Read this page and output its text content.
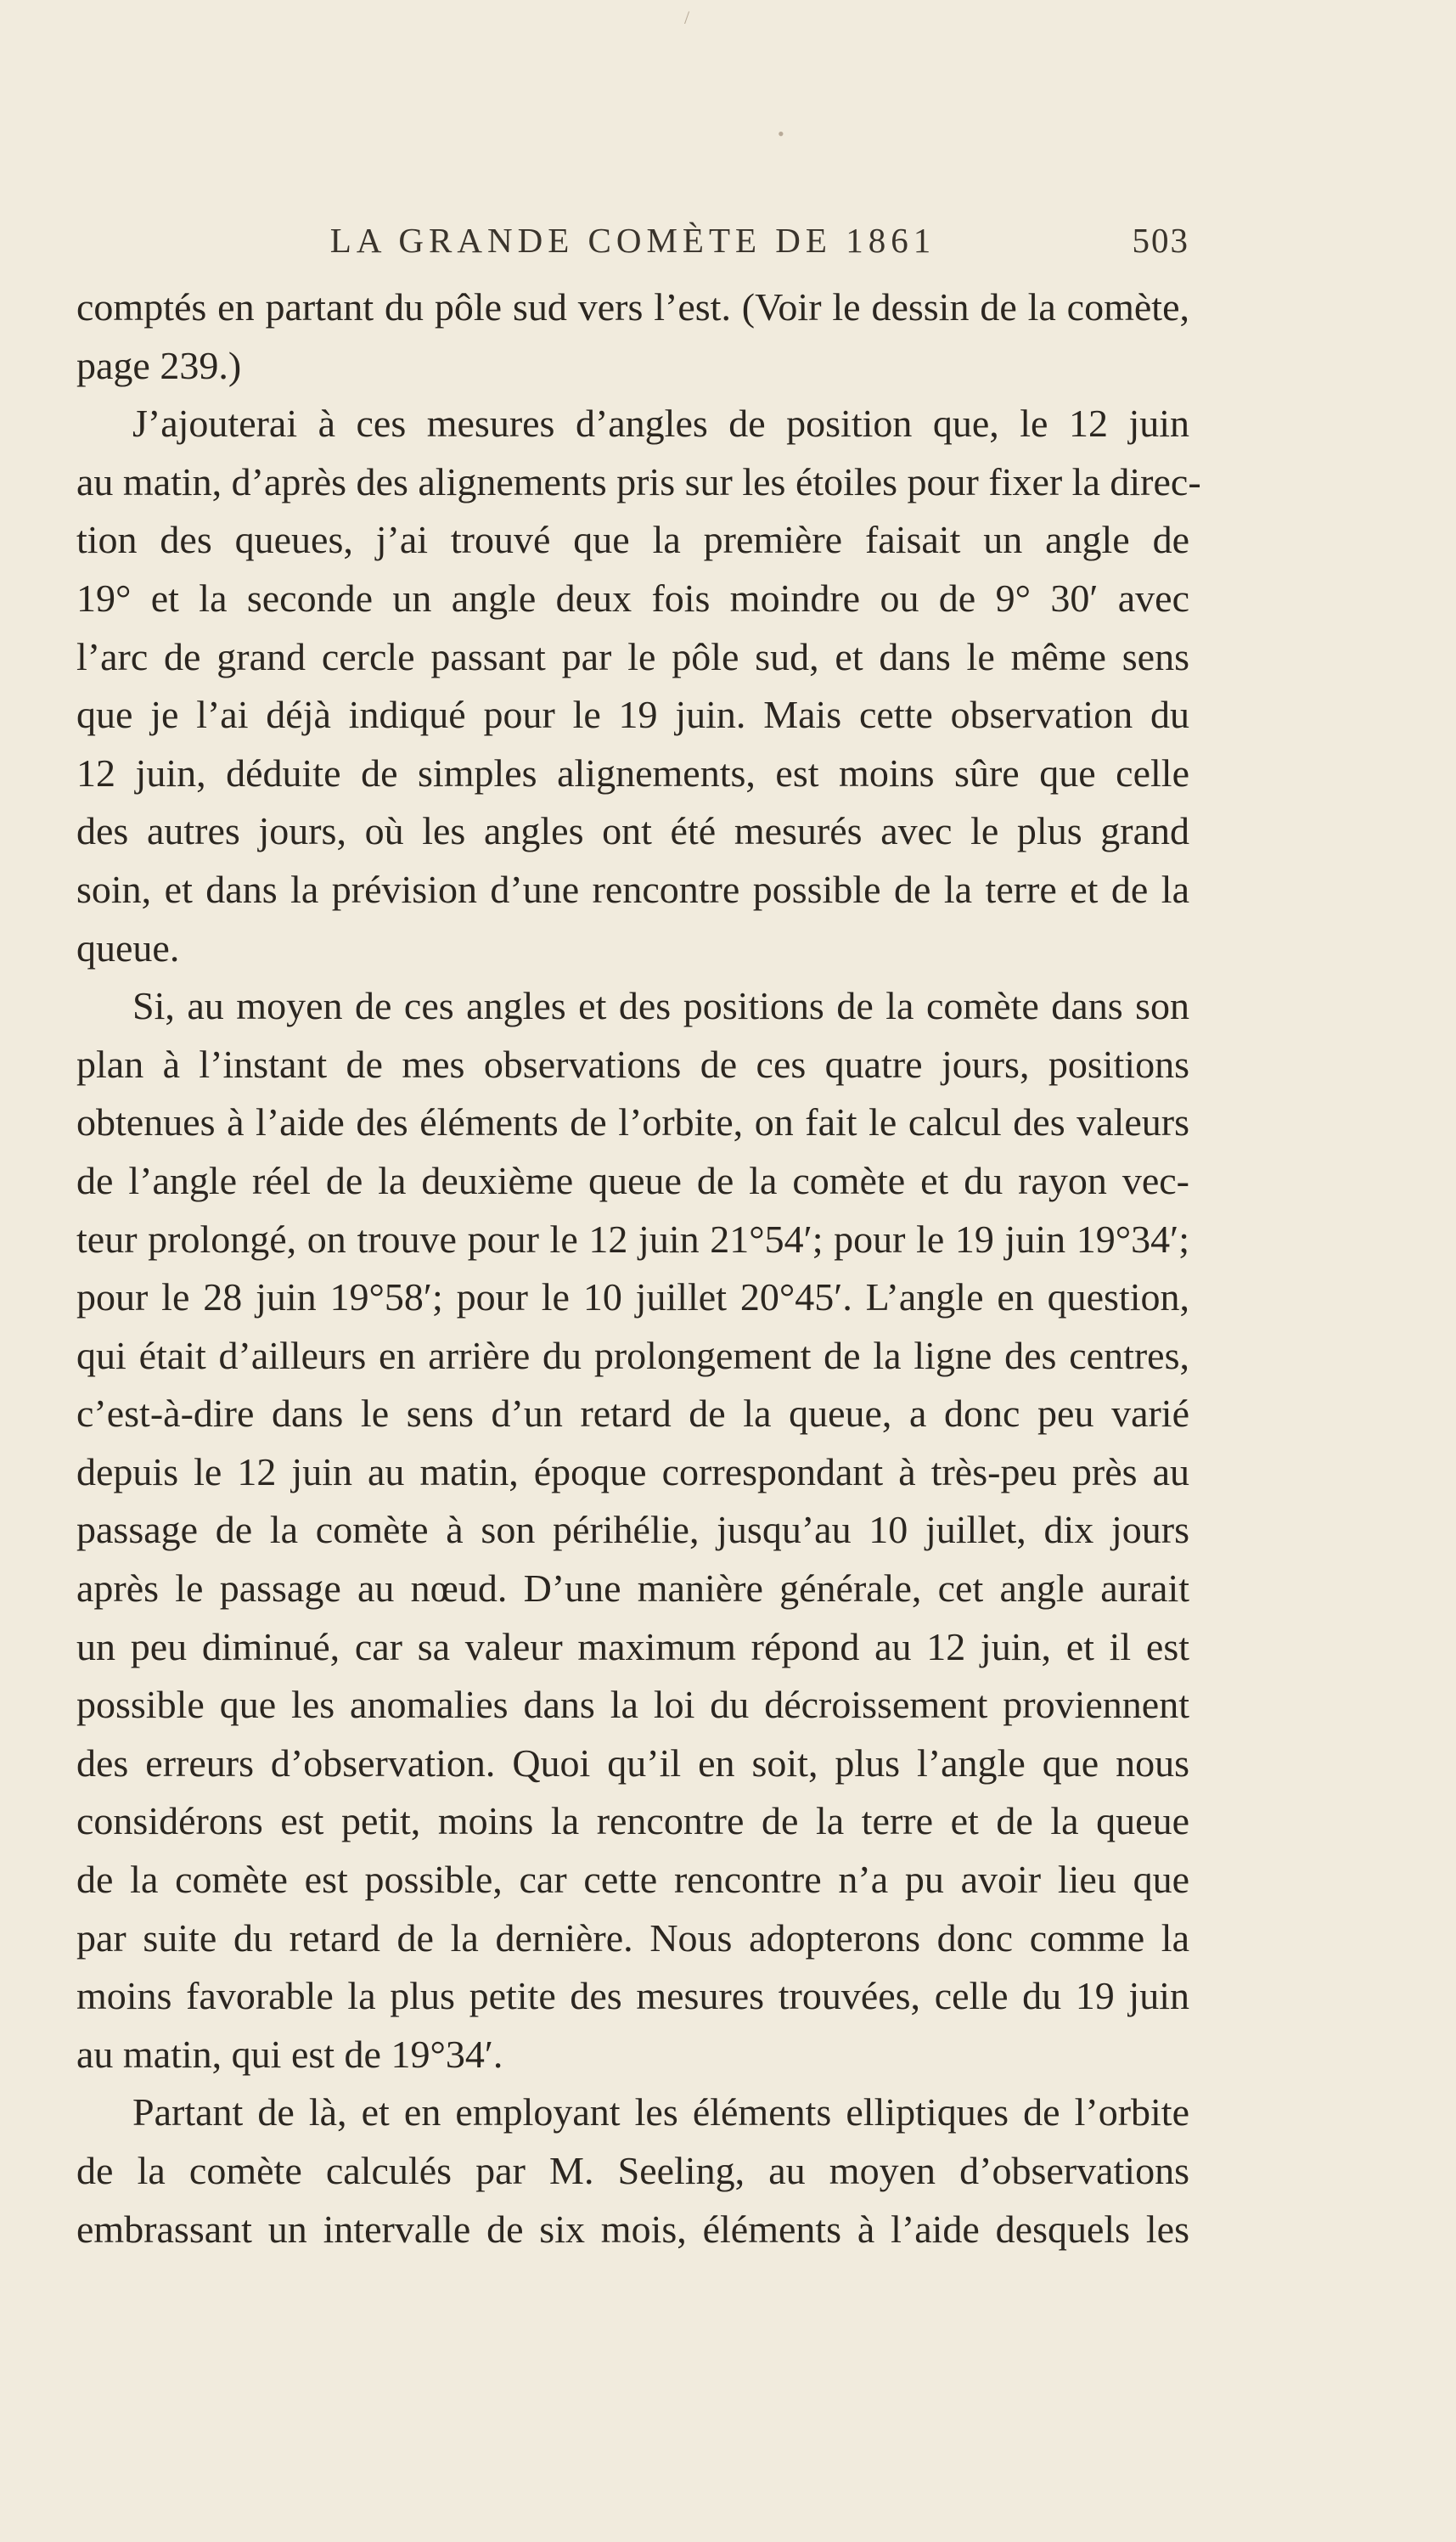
/
•
LA GRANDE COMÈTE DE 1861	503
comptés en partant du pôle sud vers l’est. (Voir le dessin de la comète,
page 239.)
J’ajouterai à ces mesures d’angles de position que, le 12 juin
au matin, d’après des alignements pris sur les étoiles pour fixer la direc-
tion des queues, j’ai trouvé que la première faisait un angle de
19° et la seconde un angle deux fois moindre ou de 9° 30′ avec
l’arc de grand cercle passant par le pôle sud, et dans le même sens
que je l’ai déjà indiqué pour le 19 juin. Mais cette observation du
12 juin, déduite de simples alignements, est moins sûre que celle
des autres jours, où les angles ont été mesurés avec le plus grand
soin, et dans la prévision d’une rencontre possible de la terre et de la
queue.
Si, au moyen de ces angles et des positions de la comète dans son
plan à l’instant de mes observations de ces quatre jours, positions
obtenues à l’aide des éléments de l’orbite, on fait le calcul des valeurs
de l’angle réel de la deuxième queue de la comète et du rayon vec-
teur prolongé, on trouve pour le 12 juin 21°54′; pour le 19 juin 19°34′;
pour le 28 juin 19°58′; pour le 10 juillet 20°45′. L’angle en question,
qui était d’ailleurs en arrière du prolongement de la ligne des centres,
c’est-à-dire dans le sens d’un retard de la queue, a donc peu varié
depuis le 12 juin au matin, époque correspondant à très-peu près au
passage de la comète à son périhélie, jusqu’au 10 juillet, dix jours
après le passage au nœud. D’une manière générale, cet angle aurait
un peu diminué, car sa valeur maximum répond au 12 juin, et il est
possible que les anomalies dans la loi du décroissement proviennent
des erreurs d’observation. Quoi qu’il en soit, plus l’angle que nous
considérons est petit, moins la rencontre de la terre et de la queue
de la comète est possible, car cette rencontre n’a pu avoir lieu que
par suite du retard de la dernière. Nous adopterons donc comme la
moins favorable la plus petite des mesures trouvées, celle du 19 juin
au matin, qui est de 19°34′.
Partant de là, et en employant les éléments elliptiques de l’orbite
de la comète calculés par M. Seeling, au moyen d’observations
embrassant un intervalle de six mois, éléments à l’aide desquels les
